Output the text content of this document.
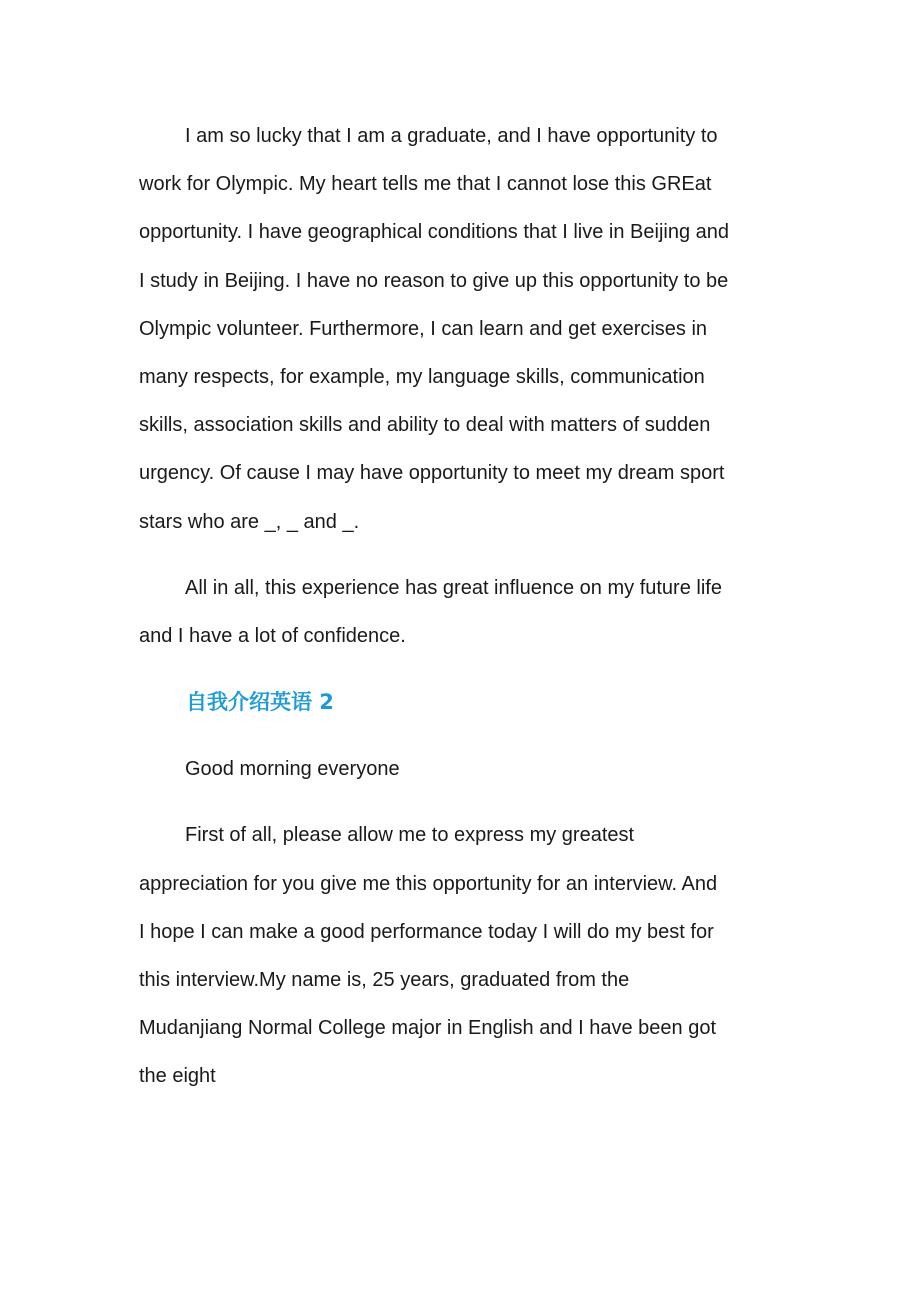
I am so lucky that I am a graduate, and I have opportunity to
work for Olympic. My heart tells me that I cannot lose this GREat
opportunity. I have geographical conditions that I live in Beijing and
I study in Beijing. I have no reason to give up this opportunity to be
Olympic volunteer. Furthermore, I can learn and get exercises in
many respects, for example, my language skills, communication
skills, association skills and ability to deal with matters of sudden
urgency. Of cause I may have opportunity to meet my dream sport
stars who are _, _ and _.
All in all, this experience has great influence on my future life
and I have a lot of confidence.
自我介绍英语 2
Good morning everyone
First of all, please allow me to express my greatest
appreciation for you give me this opportunity for an interview. And
I hope I can make a good performance today I will do my best for
this interview.My name is, 25 years, graduated from the
Mudanjiang Normal College major in English and I have been got
the eight
